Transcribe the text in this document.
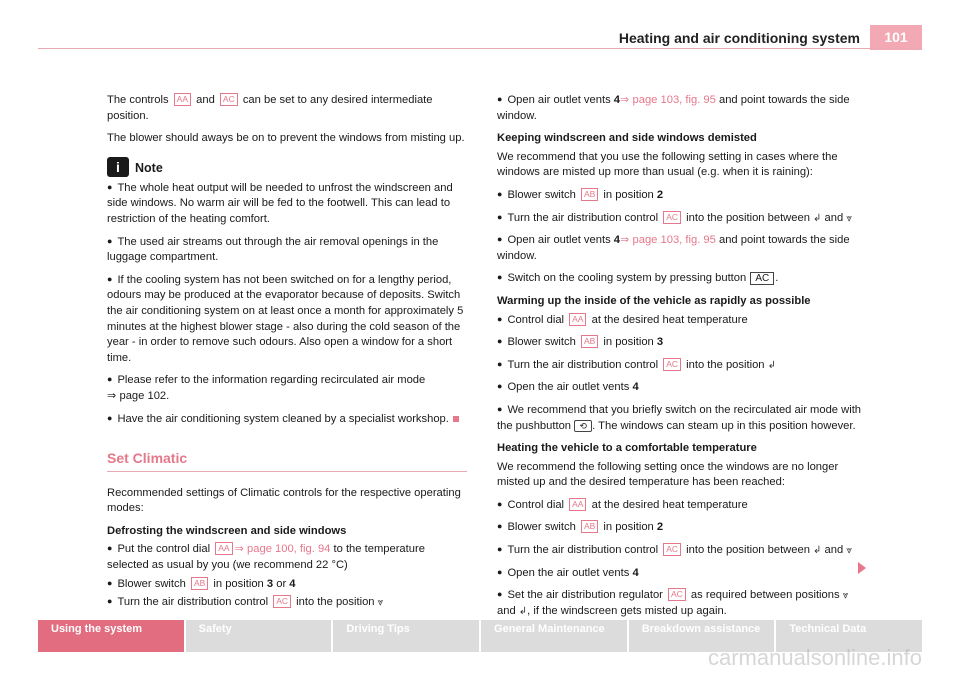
Heating and air conditioning system	101

The controls AA and AC can be set to any desired intermediate position.

The blower should aways be on to prevent the windows from misting up.

i	Note

● The whole heat output will be needed to unfrost the windscreen and side windows. No warm air will be fed to the footwell. This can lead to restriction of the heating comfort.

● The used air streams out through the air removal openings in the luggage compartment.

● If the cooling system has not been switched on for a lengthy period, odours may be produced at the evaporator because of deposits. Switch the air conditioning system on at least once a month for approximately 5 minutes at the highest blower stage - also during the cold season of the year - in order to remove such odours. Also open a window for a short time.

● Please refer to the information regarding recirculated air mode
⇒ page 102.

● Have the air conditioning system cleaned by a specialist workshop.

Set Climatic

Recommended settings of Climatic controls for the respective operating modes:

Defrosting the windscreen and side windows

● Put the control dial AA ⇒ page 100, fig. 94 to the temperature selected as usual by you (we recommend 22 °C)

● Blower switch AB in position 3 or 4

● Turn the air distribution control AC into the position ⩔

● Open air outlet vents 4⇒ page 103, fig. 95 and point towards the side window.

Keeping windscreen and side windows demisted

We recommend that you use the following setting in cases where the windows are misted up more than usual (e.g. when it is raining):

● Blower switch AB in position 2

● Turn the air distribution control AC into the position between ↲ and ⩔

● Open air outlet vents 4⇒ page 103, fig. 95 and point towards the side window.

● Switch on the cooling system by pressing button AC .

Warming up the inside of the vehicle as rapidly as possible

● Control dial AA at the desired heat temperature

● Blower switch AB in position 3

● Turn the air distribution control AC into the position ↲

● Open the air outlet vents 4

● We recommend that you briefly switch on the recirculated air mode with the pushbutton ⟲ . The windows can steam up in this position however.

Heating the vehicle to a comfortable temperature

We recommend the following setting once the windows are no longer misted up and the desired temperature has been reached:

● Control dial AA at the desired heat temperature

● Blower switch AB in position 2

● Turn the air distribution control AC into the position between ↲ and ⩔

● Open the air outlet vents 4

● Set the air distribution regulator AC as required between positions ⩔
and ↲, if the windscreen gets misted up again.

Using the system	Safety	Driving Tips	General Maintenance	Breakdown assistance	Technical Data
carmanualsonline.info
